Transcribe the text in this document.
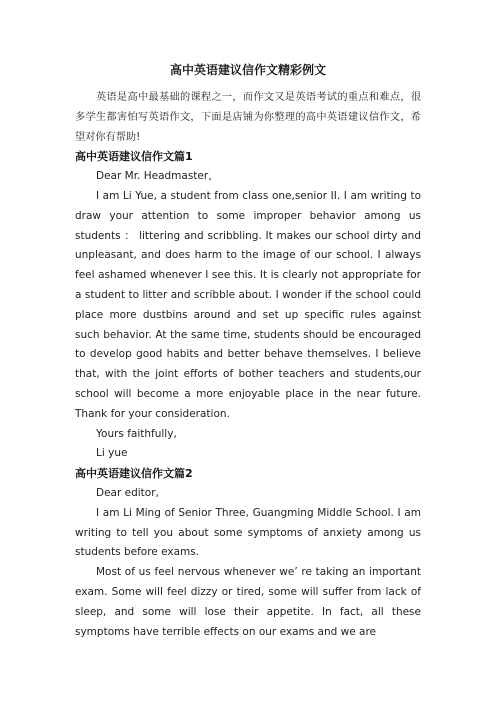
高中英语建议信作文精彩例文

英语是高中最基础的课程之一，而作文又是英语考试的重点和难点，很多学生都害怕写英语作文，下面是店铺为你整理的高中英语建议信作文，希望对你有帮助!

高中英语建议信作文篇1

Dear Mr. Headmaster，

I am Li Yue, a student from class one,senior II. I am writing to draw your attention to some improper behavior among us students ： littering and scribbling. It makes our school dirty and unpleasant, and does harm to the image of our school. I always feel ashamed whenever I see this. It is clearly not appropriate for a student to litter and scribble about. I wonder if the school could place more dustbins around and set up specific rules against such behavior. At the same time, students should be encouraged to develop good habits and better behave themselves. I believe that, with the joint efforts of bother teachers and students,our school will become a more enjoyable place in the near future. Thank for your consideration.

Yours faithfully,

Li yue

高中英语建议信作文篇2

Dear editor,

I am Li Ming of Senior Three, Guangming Middle School. I am writing to tell you about some symptoms of anxiety among us students before exams.

Most of us feel nervous whenever we’ re taking an important exam. Some will feel dizzy or tired, some will suffer from lack of sleep, and some will lose their appetite. In fact, all these symptoms have terrible effects on our exams and we are
